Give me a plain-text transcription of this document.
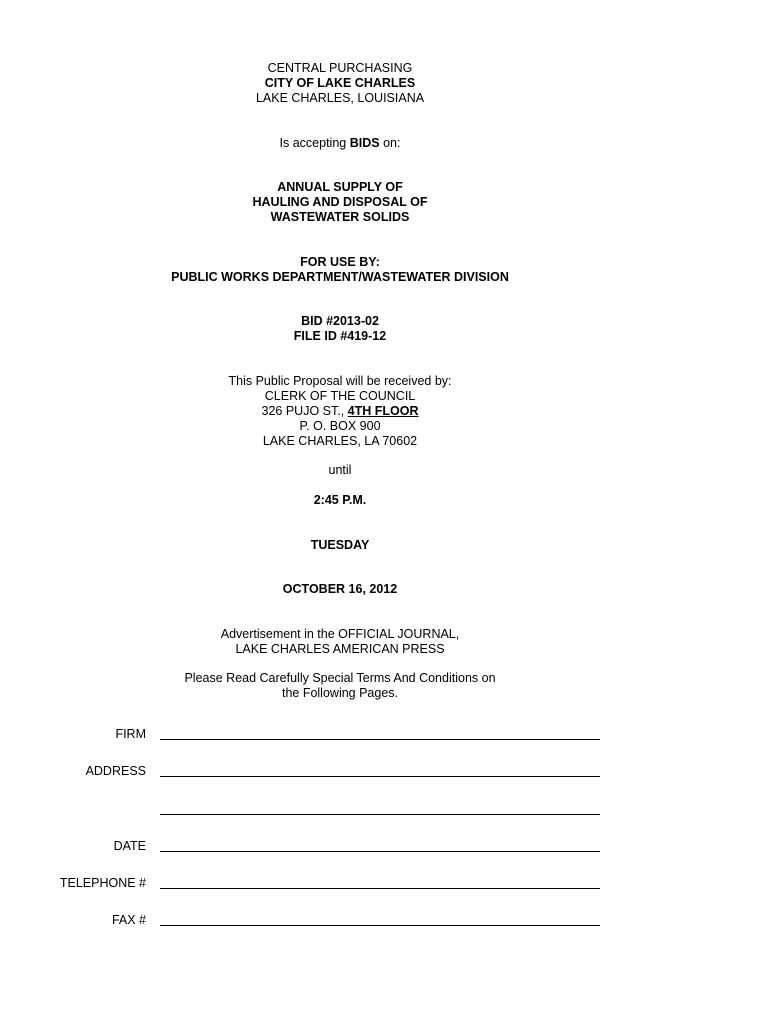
CENTRAL PURCHASING
CITY OF LAKE CHARLES
LAKE CHARLES, LOUISIANA
Is accepting BIDS on:
ANNUAL SUPPLY OF
HAULING AND DISPOSAL OF
WASTEWATER SOLIDS
FOR USE BY:
PUBLIC WORKS DEPARTMENT/WASTEWATER DIVISION
BID #2013-02
FILE ID #419-12
This Public Proposal will be received by:
CLERK OF THE COUNCIL
326 PUJO ST., 4TH FLOOR
P. O. BOX 900
LAKE CHARLES, LA 70602
until
2:45 P.M.
TUESDAY
OCTOBER 16, 2012
Advertisement in the OFFICIAL JOURNAL,
LAKE CHARLES AMERICAN PRESS
Please Read Carefully Special Terms And Conditions on
the Following Pages.
FIRM
ADDRESS
DATE
TELEPHONE #
FAX #
